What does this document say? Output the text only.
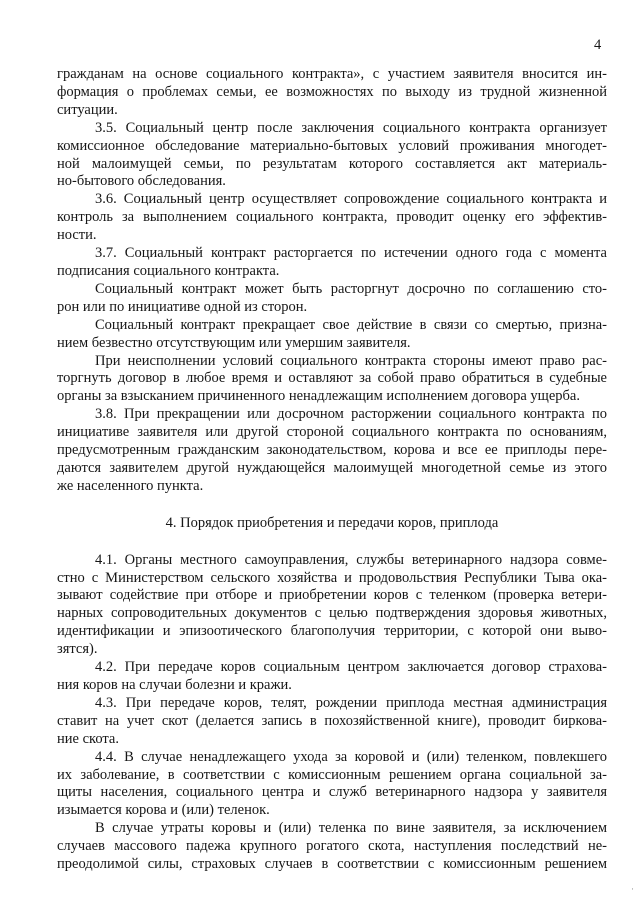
4
гражданам на основе социального контракта», с участием заявителя вносится ин-
формация о проблемах семьи, ее возможностях по выходу из трудной жизненной
ситуации.
3.5. Социальный центр после заключения социального контракта организует
комиссионное обследование материально-бытовых условий проживания многодет-
ной малоимущей семьи, по результатам которого составляется акт материаль-
но-бытового обследования.
3.6. Социальный центр осуществляет сопровождение социального контракта и
контроль за выполнением социального контракта, проводит оценку его эффектив-
ности.
3.7. Социальный контракт расторгается по истечении одного года с момента
подписания социального контракта.
Социальный контракт может быть расторгнут досрочно по соглашению сто-
рон или по инициативе одной из сторон.
Социальный контракт прекращает свое действие в связи со смертью, призна-
нием безвестно отсутствующим или умершим заявителя.
При неисполнении условий социального контракта стороны имеют право рас-
торгнуть договор в любое время и оставляют за собой право обратиться в судебные
органы за взысканием причиненного ненадлежащим исполнением договора ущерба.
3.8. При прекращении или досрочном расторжении социального контракта по
инициативе заявителя или другой стороной социального контракта по основаниям,
предусмотренным гражданским законодательством, корова и все ее приплоды пере-
даются заявителем другой нуждающейся малоимущей многодетной семье из этого
же населенного пункта.
4. Порядок приобретения и передачи коров, приплода
4.1. Органы местного самоуправления, службы ветеринарного надзора совме-
стно с Министерством сельского хозяйства и продовольствия Республики Тыва ока-
зывают содействие при отборе и приобретении коров с теленком (проверка ветери-
нарных сопроводительных документов с целью подтверждения здоровья животных,
идентификации и эпизоотического благополучия территории, с которой они выво-
зятся).
4.2. При передаче коров социальным центром заключается договор страхова-
ния коров на случаи болезни и кражи.
4.3. При передаче коров, телят, рождении приплода местная администрация
ставит на учет скот (делается запись в похозяйственной книге), проводит биркова-
ние скота.
4.4. В случае ненадлежащего ухода за коровой и (или) теленком, повлекшего
их заболевание, в соответствии с комиссионным решением органа социальной за-
щиты населения, социального центра и служб ветеринарного надзора у заявителя
изымается корова и (или) теленок.
В случае утраты коровы и (или) теленка по вине заявителя, за исключением
случаев массового падежа крупного рогатого скота, наступления последствий не-
преодолимой силы, страховых случаев в соответствии с комиссионным решением
·
